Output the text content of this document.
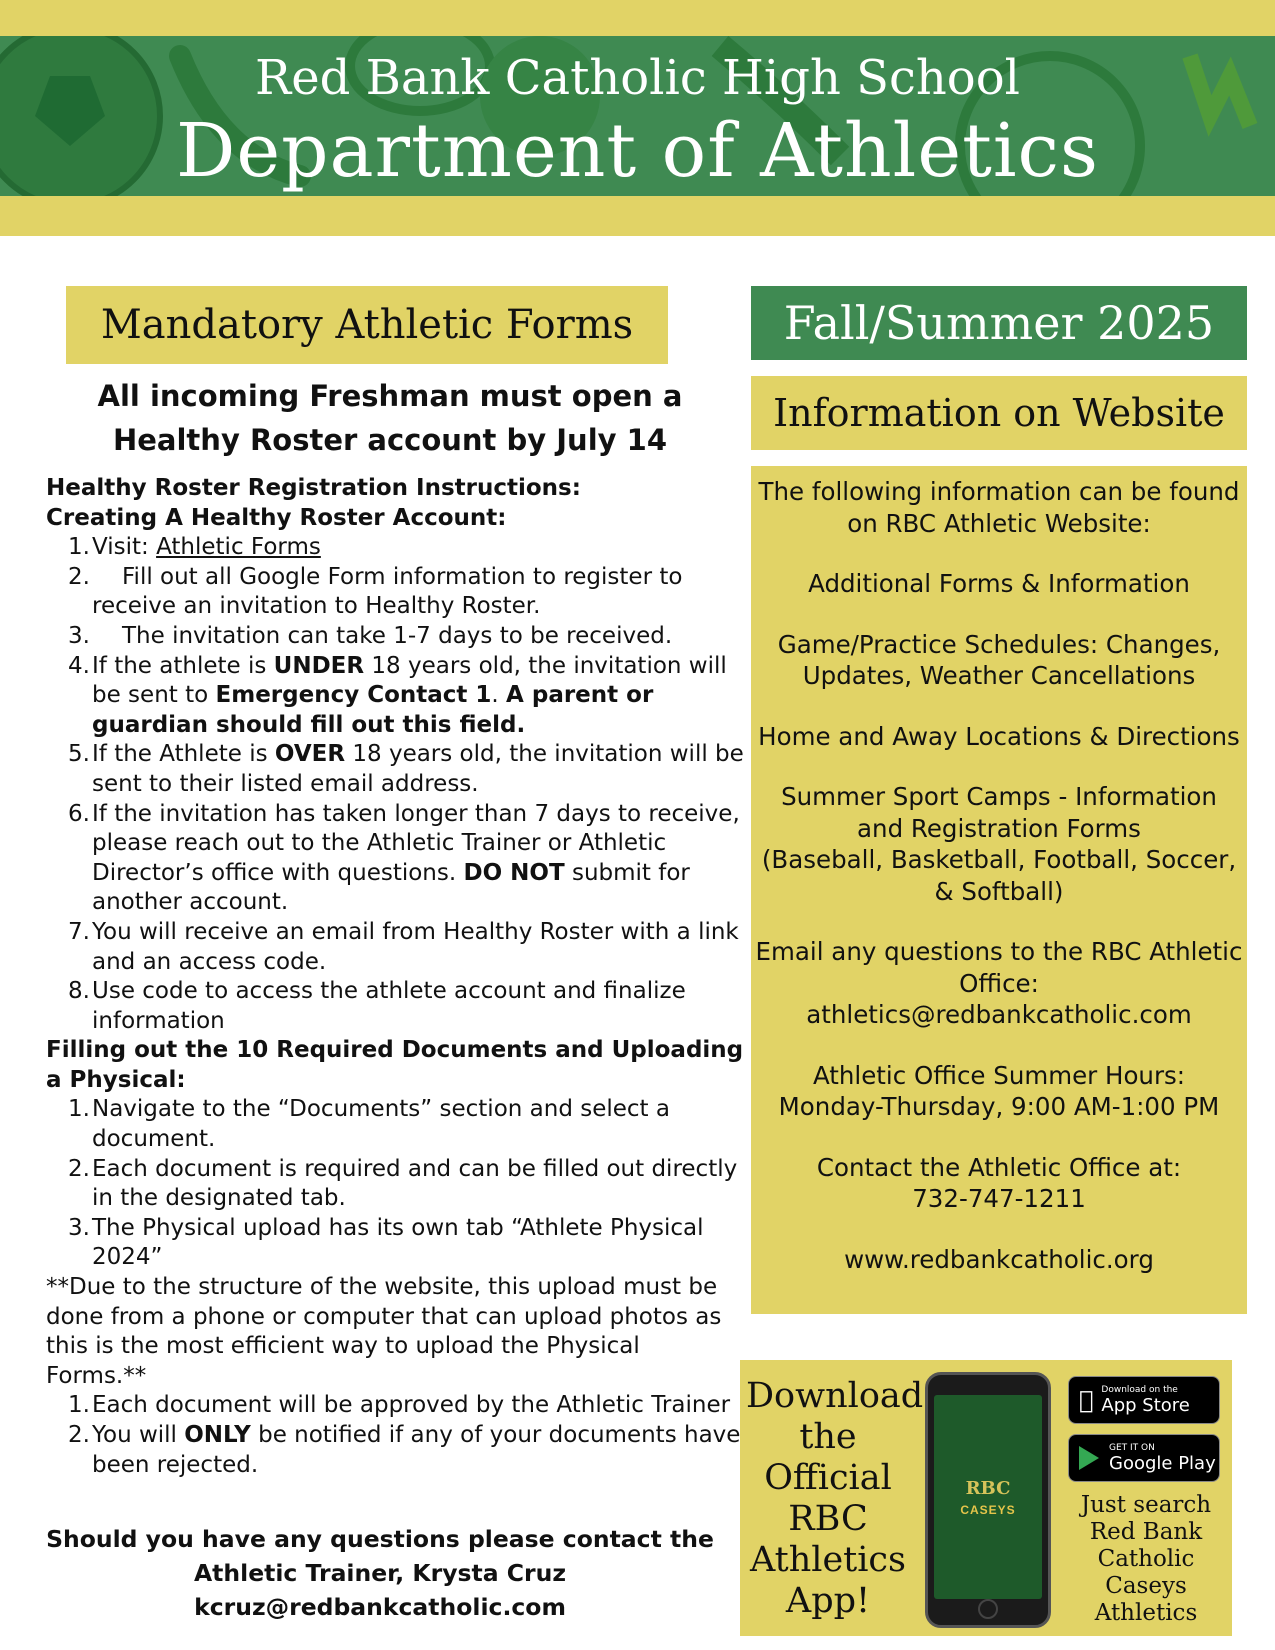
Red Bank Catholic High School
Department of Athletics
Mandatory Athletic Forms
All incoming Freshman must open a
Healthy Roster account by July 14
Healthy Roster Registration Instructions:
Creating A Healthy Roster Account:
1. Visit: Athletic Forms
2.	Fill out all Google Form information to register to receive an invitation to Healthy Roster.
3.	The invitation can take 1-7 days to be received.
4. If the athlete is UNDER 18 years old, the invitation will be sent to Emergency Contact 1. A parent or guardian should fill out this field.
5. If the Athlete is OVER 18 years old, the invitation will be sent to their listed email address.
6. If the invitation has taken longer than 7 days to receive, please reach out to the Athletic Trainer or Athletic Director’s office with questions. DO NOT submit for another account.
7. You will receive an email from Healthy Roster with a link and an access code.
8. Use code to access the athlete account and finalize information
Filling out the 10 Required Documents and Uploading a Physical:
1. Navigate to the “Documents” section and select a document.
2. Each document is required and can be filled out directly in the designated tab.
3. The Physical upload has its own tab “Athlete Physical 2024”
**Due to the structure of the website, this upload must be done from a phone or computer that can upload photos as this is the most efficient way to upload the Physical Forms.**
1. Each document will be approved by the Athletic Trainer
2. You will ONLY be notified if any of your documents have been rejected.
Should you have any questions please contact the
Athletic Trainer, Krysta Cruz
kcruz@redbankcatholic.com
Fall/Summer 2025
Information on Website

The following information can be found on RBC Athletic Website:

Additional Forms & Information

Game/Practice Schedules: Changes, Updates, Weather Cancellations

Home and Away Locations & Directions

Summer Sport Camps - Information and Registration Forms
(Baseball, Basketball, Football, Soccer, & Softball)

Email any questions to the RBC Athletic Office:
athletics@redbankcatholic.com

Athletic Office Summer Hours:
Monday-Thursday, 9:00 AM-1:00 PM

Contact the Athletic Office at:
732-747-1211

www.redbankcatholic.org

Download the Official RBC Athletics App!
RBC
CASEYS
Download on the
App Store
GET IT ON
Google Play
Just search Red Bank Catholic Caseys Athletics
